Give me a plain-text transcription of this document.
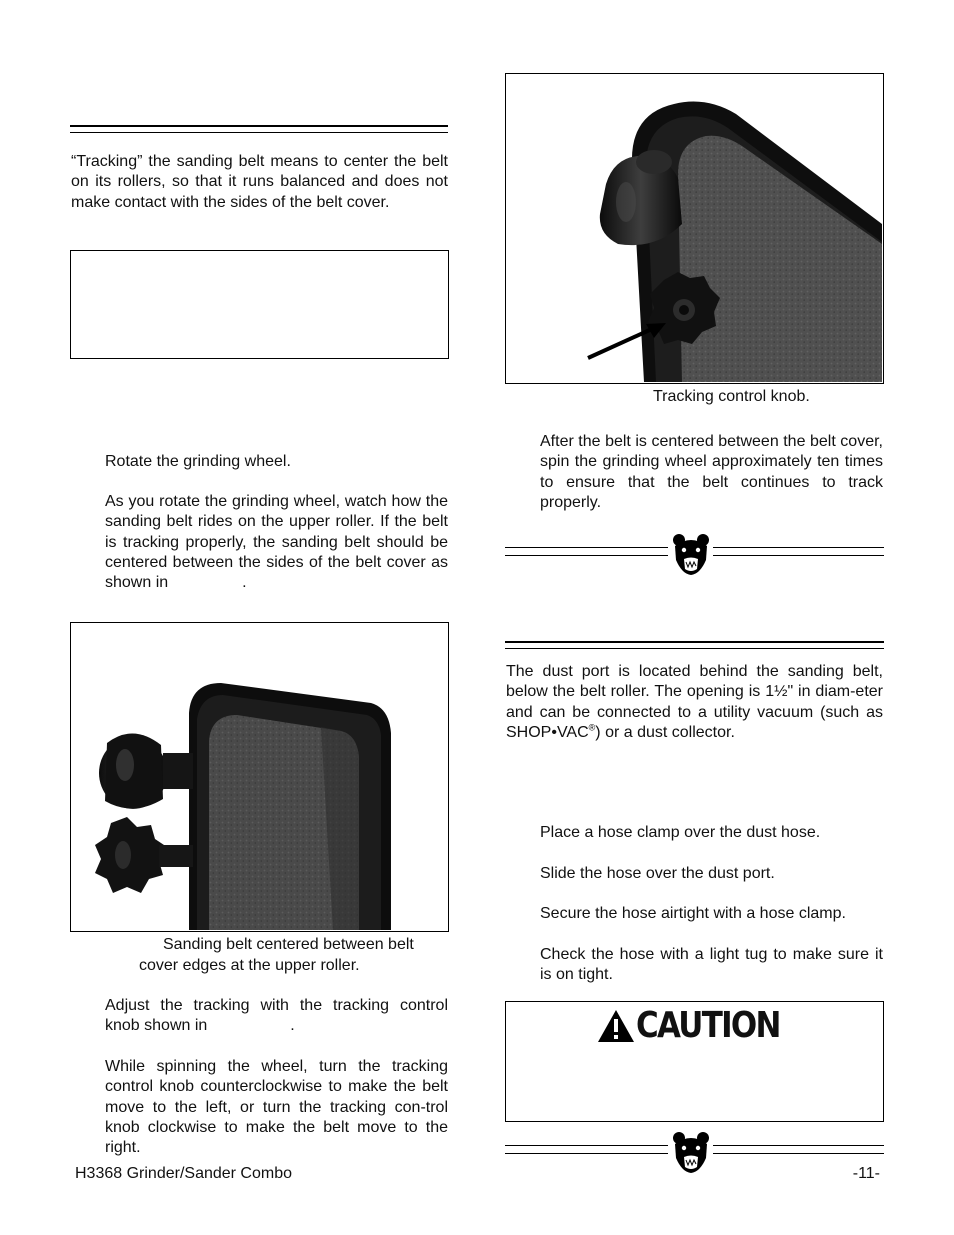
“Tracking” the sanding belt means to center the belt on its rollers, so that it runs balanced and does not make contact with the sides of the belt cover.
Rotate the grinding wheel.
As you rotate the grinding wheel, watch how the sanding belt rides on the upper roller. If the belt is tracking properly, the sanding belt should be centered between the sides of the belt cover as shown in	.
Sanding belt centered between belt
cover edges at the upper roller.
Adjust the tracking with the tracking control knob shown in	.
While spinning the wheel, turn the tracking control knob counterclockwise to make the belt move to the left, or turn the tracking con-trol knob clockwise to make the belt move to the right.
H3368 Grinder/Sander Combo
Tracking control knob.
After the belt is centered between the belt cover, spin the grinding wheel approximately ten times to ensure that the belt continues to track properly.
The dust port is located behind the sanding belt, below the belt roller. The opening is 1½" in diam-eter and can be connected to a utility vacuum (such as SHOP•VAC®) or a dust collector.
Place a hose clamp over the dust hose.
Slide the hose over the dust port.
Secure the hose airtight with a hose clamp.
Check the hose with a light tug to make sure it is on tight.
CAUTION
-11-
